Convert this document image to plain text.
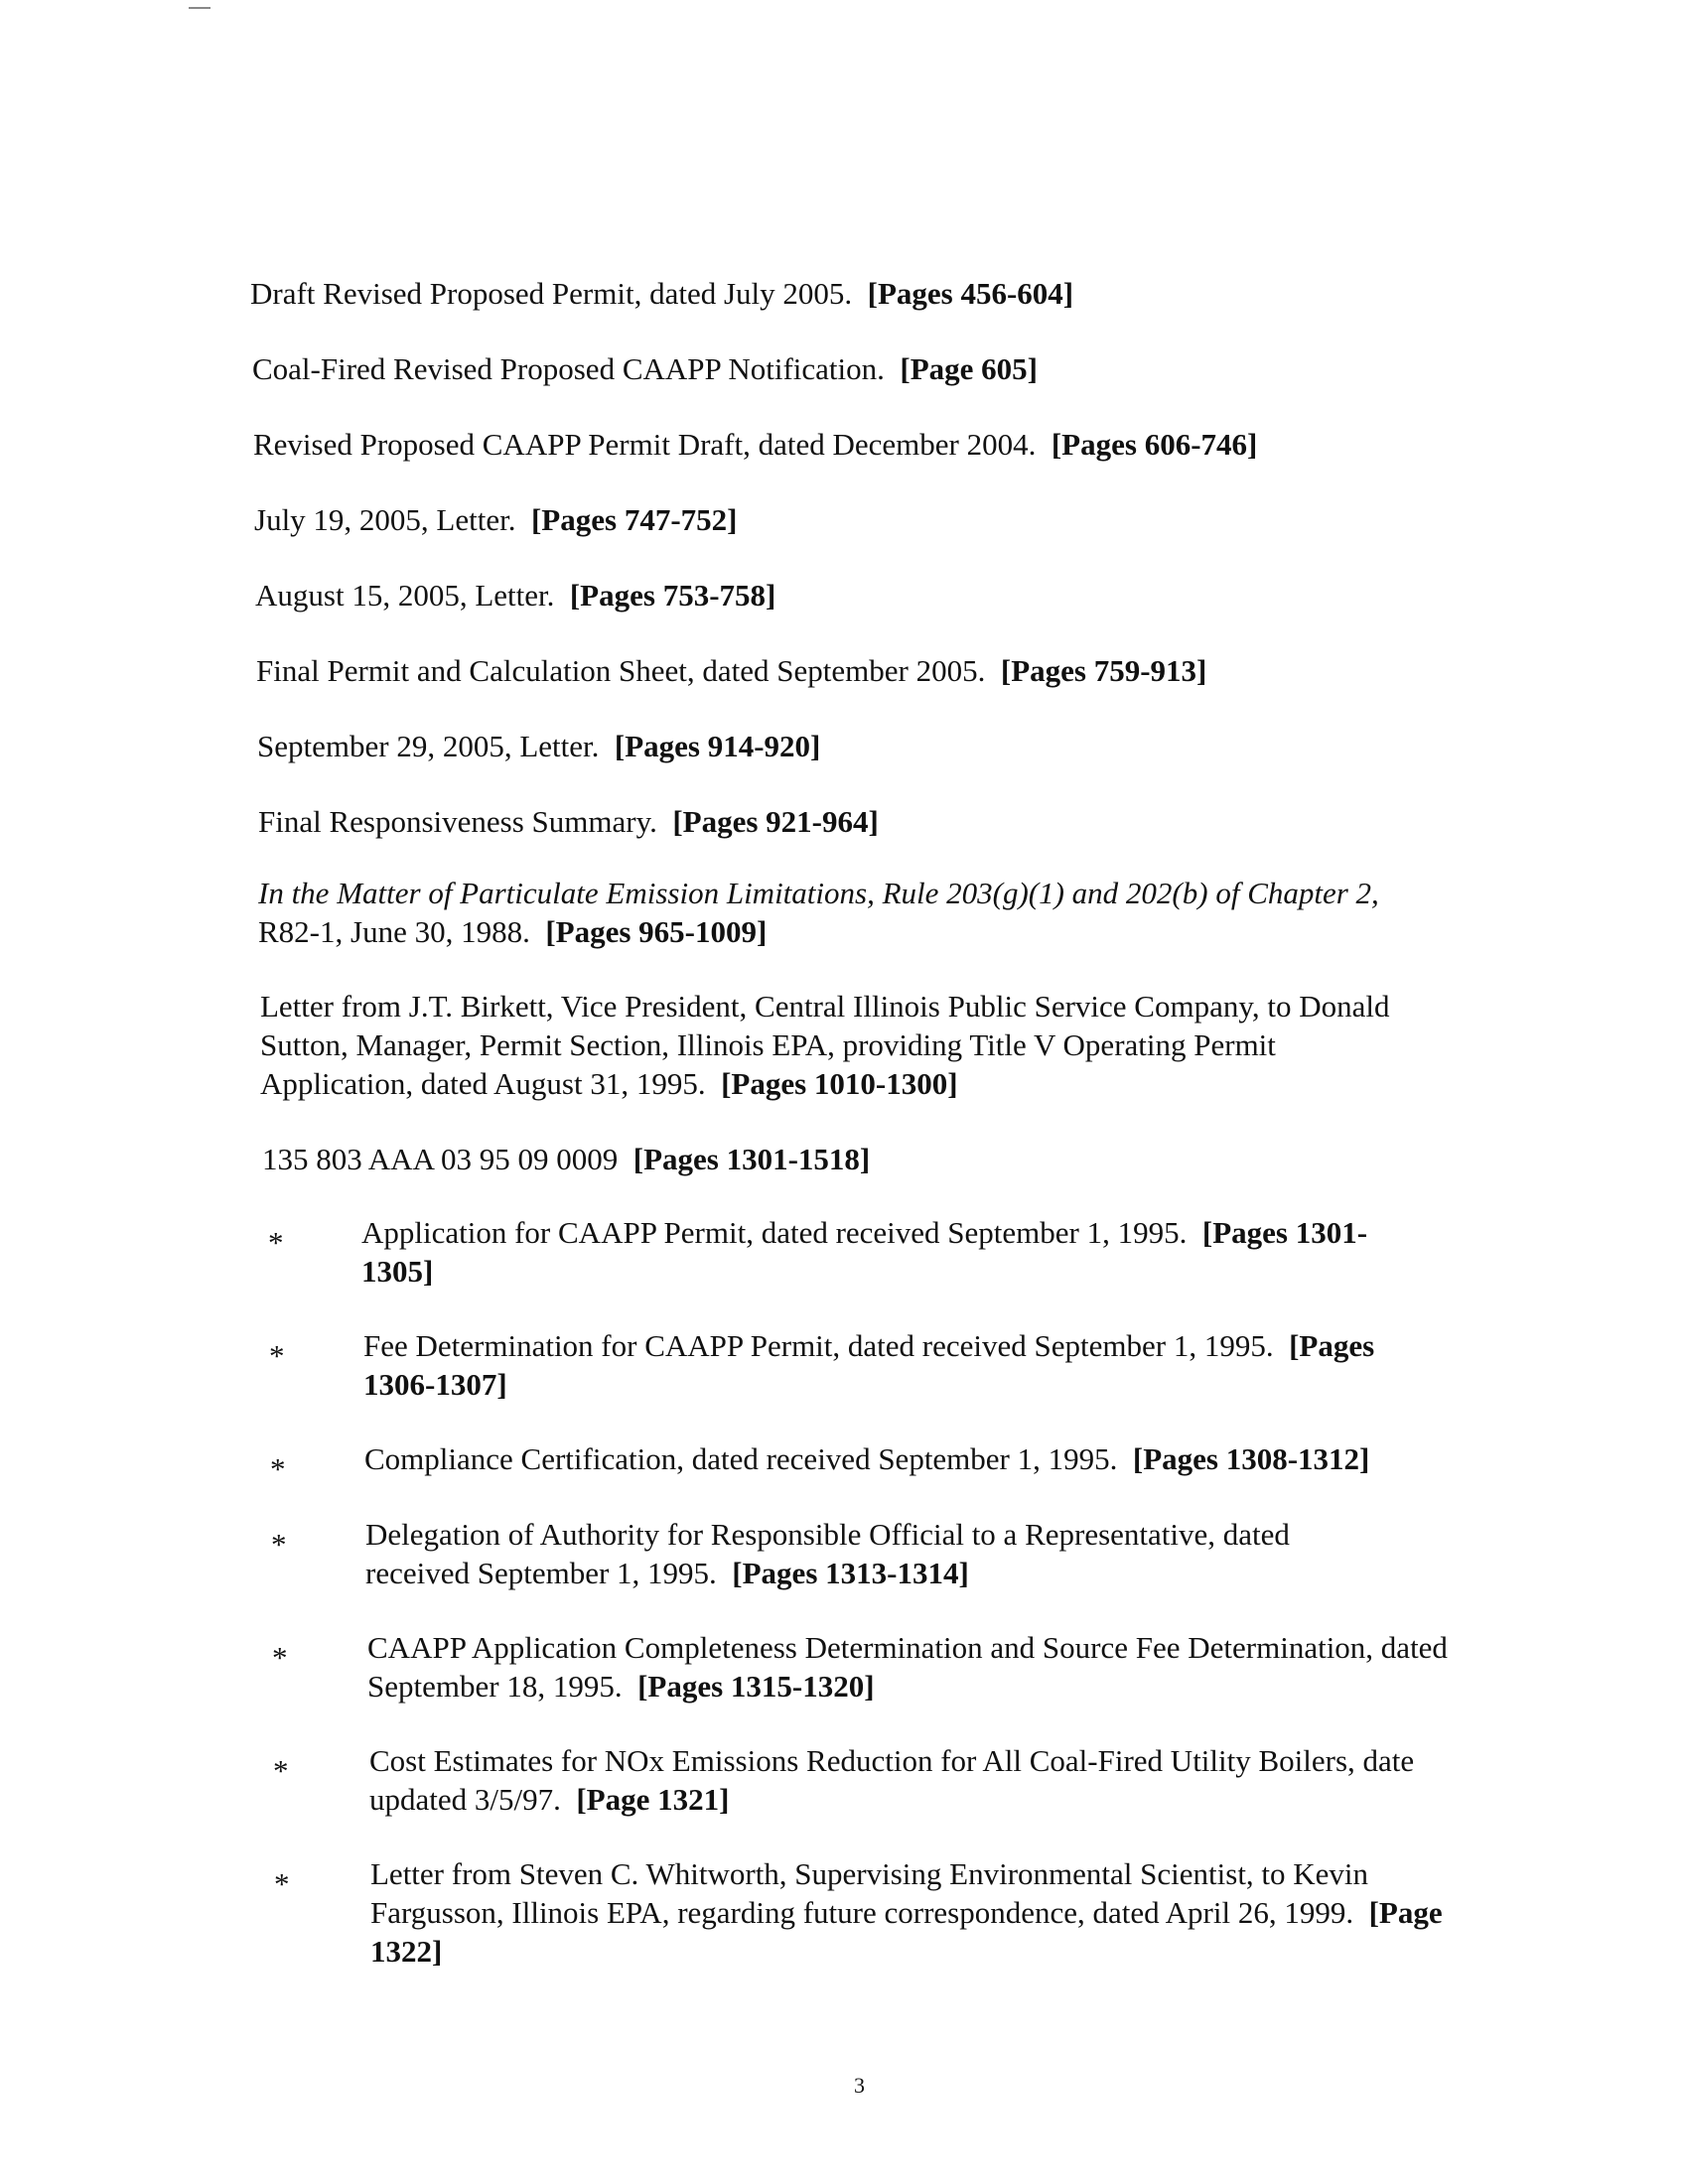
Draft Revised Proposed Permit, dated July 2005. [Pages 456-604]
Coal-Fired Revised Proposed CAAPP Notification. [Page 605]
Revised Proposed CAAPP Permit Draft, dated December 2004. [Pages 606-746]
July 19, 2005, Letter. [Pages 747-752]
August 15, 2005, Letter. [Pages 753-758]
Final Permit and Calculation Sheet, dated September 2005. [Pages 759-913]
September 29, 2005, Letter. [Pages 914-920]
Final Responsiveness Summary. [Pages 921-964]
In the Matter of Particulate Emission Limitations, Rule 203(g)(1) and 202(b) of Chapter 2, R82-1, June 30, 1988. [Pages 965-1009]
Letter from J.T. Birkett, Vice President, Central Illinois Public Service Company, to Donald Sutton, Manager, Permit Section, Illinois EPA, providing Title V Operating Permit Application, dated August 31, 1995. [Pages 1010-1300]
135 803 AAA 03 95 09 0009 [Pages 1301-1518]
*	Application for CAAPP Permit, dated received September 1, 1995. [Pages 1301-1305]
*	Fee Determination for CAAPP Permit, dated received September 1, 1995. [Pages 1306-1307]
*	Compliance Certification, dated received September 1, 1995. [Pages 1308-1312]
*	Delegation of Authority for Responsible Official to a Representative, dated received September 1, 1995. [Pages 1313-1314]
*	CAAPP Application Completeness Determination and Source Fee Determination, dated September 18, 1995. [Pages 1315-1320]
*	Cost Estimates for NOx Emissions Reduction for All Coal-Fired Utility Boilers, date updated 3/5/97. [Page 1321]
*	Letter from Steven C. Whitworth, Supervising Environmental Scientist, to Kevin Fargusson, Illinois EPA, regarding future correspondence, dated April 26, 1999. [Page 1322]
3
